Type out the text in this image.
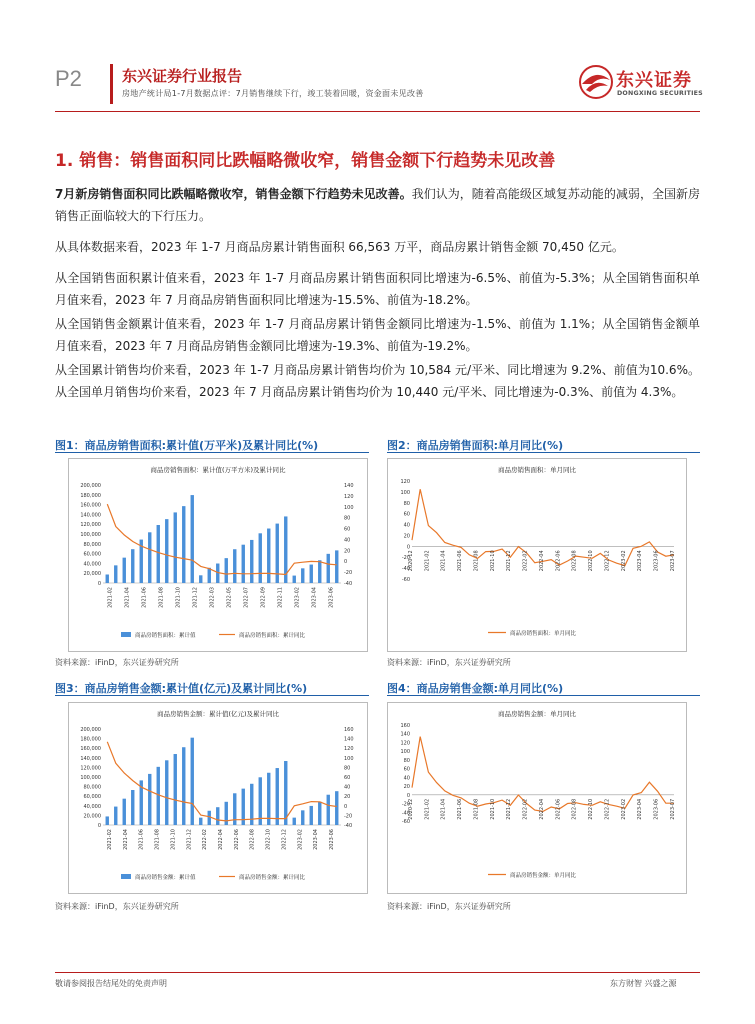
P2	东兴证券行业报告
房地产统计局1-7月数据点评：7月销售继续下行，竣工装着回暖，资金面未见改善
东兴证券
DONGXING SECURITIES
1. 销售：销售面积同比跌幅略微收窄，销售金额下行趋势未见改善
7月新房销售面积同比跌幅略微收窄，销售金额下行趋势未见改善。我们认为，随着高能级区域复苏动能的减弱，全国新房销售正面临较大的下行压力。
从具体数据来看，2023 年 1-7 月商品房累计销售面积 66,563 万平，商品房累计销售金额 70,450 亿元。
从全国销售面积累计值来看，2023 年 1-7 月商品房累计销售面积同比增速为-6.5%、前值为-5.3%；从全国销售面积单月值来看，2023 年 7 月商品房销售面积同比增速为-15.5%、前值为-18.2%。
从全国销售金额累计值来看，2023 年 1-7 月商品房累计销售金额同比增速为-1.5%、前值为 1.1%；从全国销售金额单月值来看，2023 年 7 月商品房销售金额同比增速为-19.3%、前值为-19.2%。
从全国累计销售均价来看，2023 年 1-7 月商品房累计销售均价为 10,584 元/平米、同比增速为 9.2%、前值为10.6%。从全国单月销售均价来看，2023 年 7 月商品房累计销售均价为 10,440 元/平米、同比增速为-0.3%、前值为 4.3%。
图1：商品房销售面积:累计值(万平米)及累计同比(%)
商品房销售面积：累计值(万平方米)及累计同比
0
20,000
40,000
60,000
80,000
100,000
120,000
140,000
160,000
180,000
200,000
-40
-20
0
20
40
60
80
100
120
140
2021-02 2021-04 2021-06 2021-08 2021-10 2021-12 2022-03 2022-05 2022-07 2022-09 2022-11 2023-02 2023-04 2023-06
商品房销售面积：累计值	商品房销售面积：累计同比
资料来源：iFinD，东兴证券研究所
图2：商品房销售面积:单月同比(%)
商品房销售面积：单月同比
-60
-40
-20
0
20
40
60
80
100
120
2020-12 2021-02 2021-04 2021-06 2021-08 2021-10 2021-12 2022-02 2022-04 2022-06 2022-08 2022-10 2022-12 2023-02 2023-04 2023-06 2023-07
商品房销售面积：单月同比
资料来源：iFinD，东兴证券研究所
图3：商品房销售金额:累计值(亿元)及累计同比(%)
商品房销售金额：累计值(亿元)及累计同比
0
20,000
40,000
60,000
80,000
100,000
120,000
140,000
160,000
180,000
200,000
-40
-20
0
20
40
60
80
100
120
140
160
2021-02 2021-04 2021-06 2021-08 2021-10 2021-12 2022-02 2022-04 2022-06 2022-08 2022-10 2022-12 2023-02 2023-04 2023-06
商品房销售金额：累计值	商品房销售金额：累计同比
资料来源：iFinD，东兴证券研究所
图4：商品房销售金额:单月同比(%)
商品房销售金额：单月同比
-60
-40
-20
0
20
40
60
80
100
120
140
160
2020-12 2021-02 2021-04 2021-06 2021-08 2021-10 2021-12 2022-02 2022-04 2022-06 2022-08 2022-10 2022-12 2023-02 2023-04 2023-06 2023-07
商品房销售金额：单月同比
资料来源：iFinD，东兴证券研究所
敬请参阅报告结尾处的免责声明	东方财智 兴盛之源
